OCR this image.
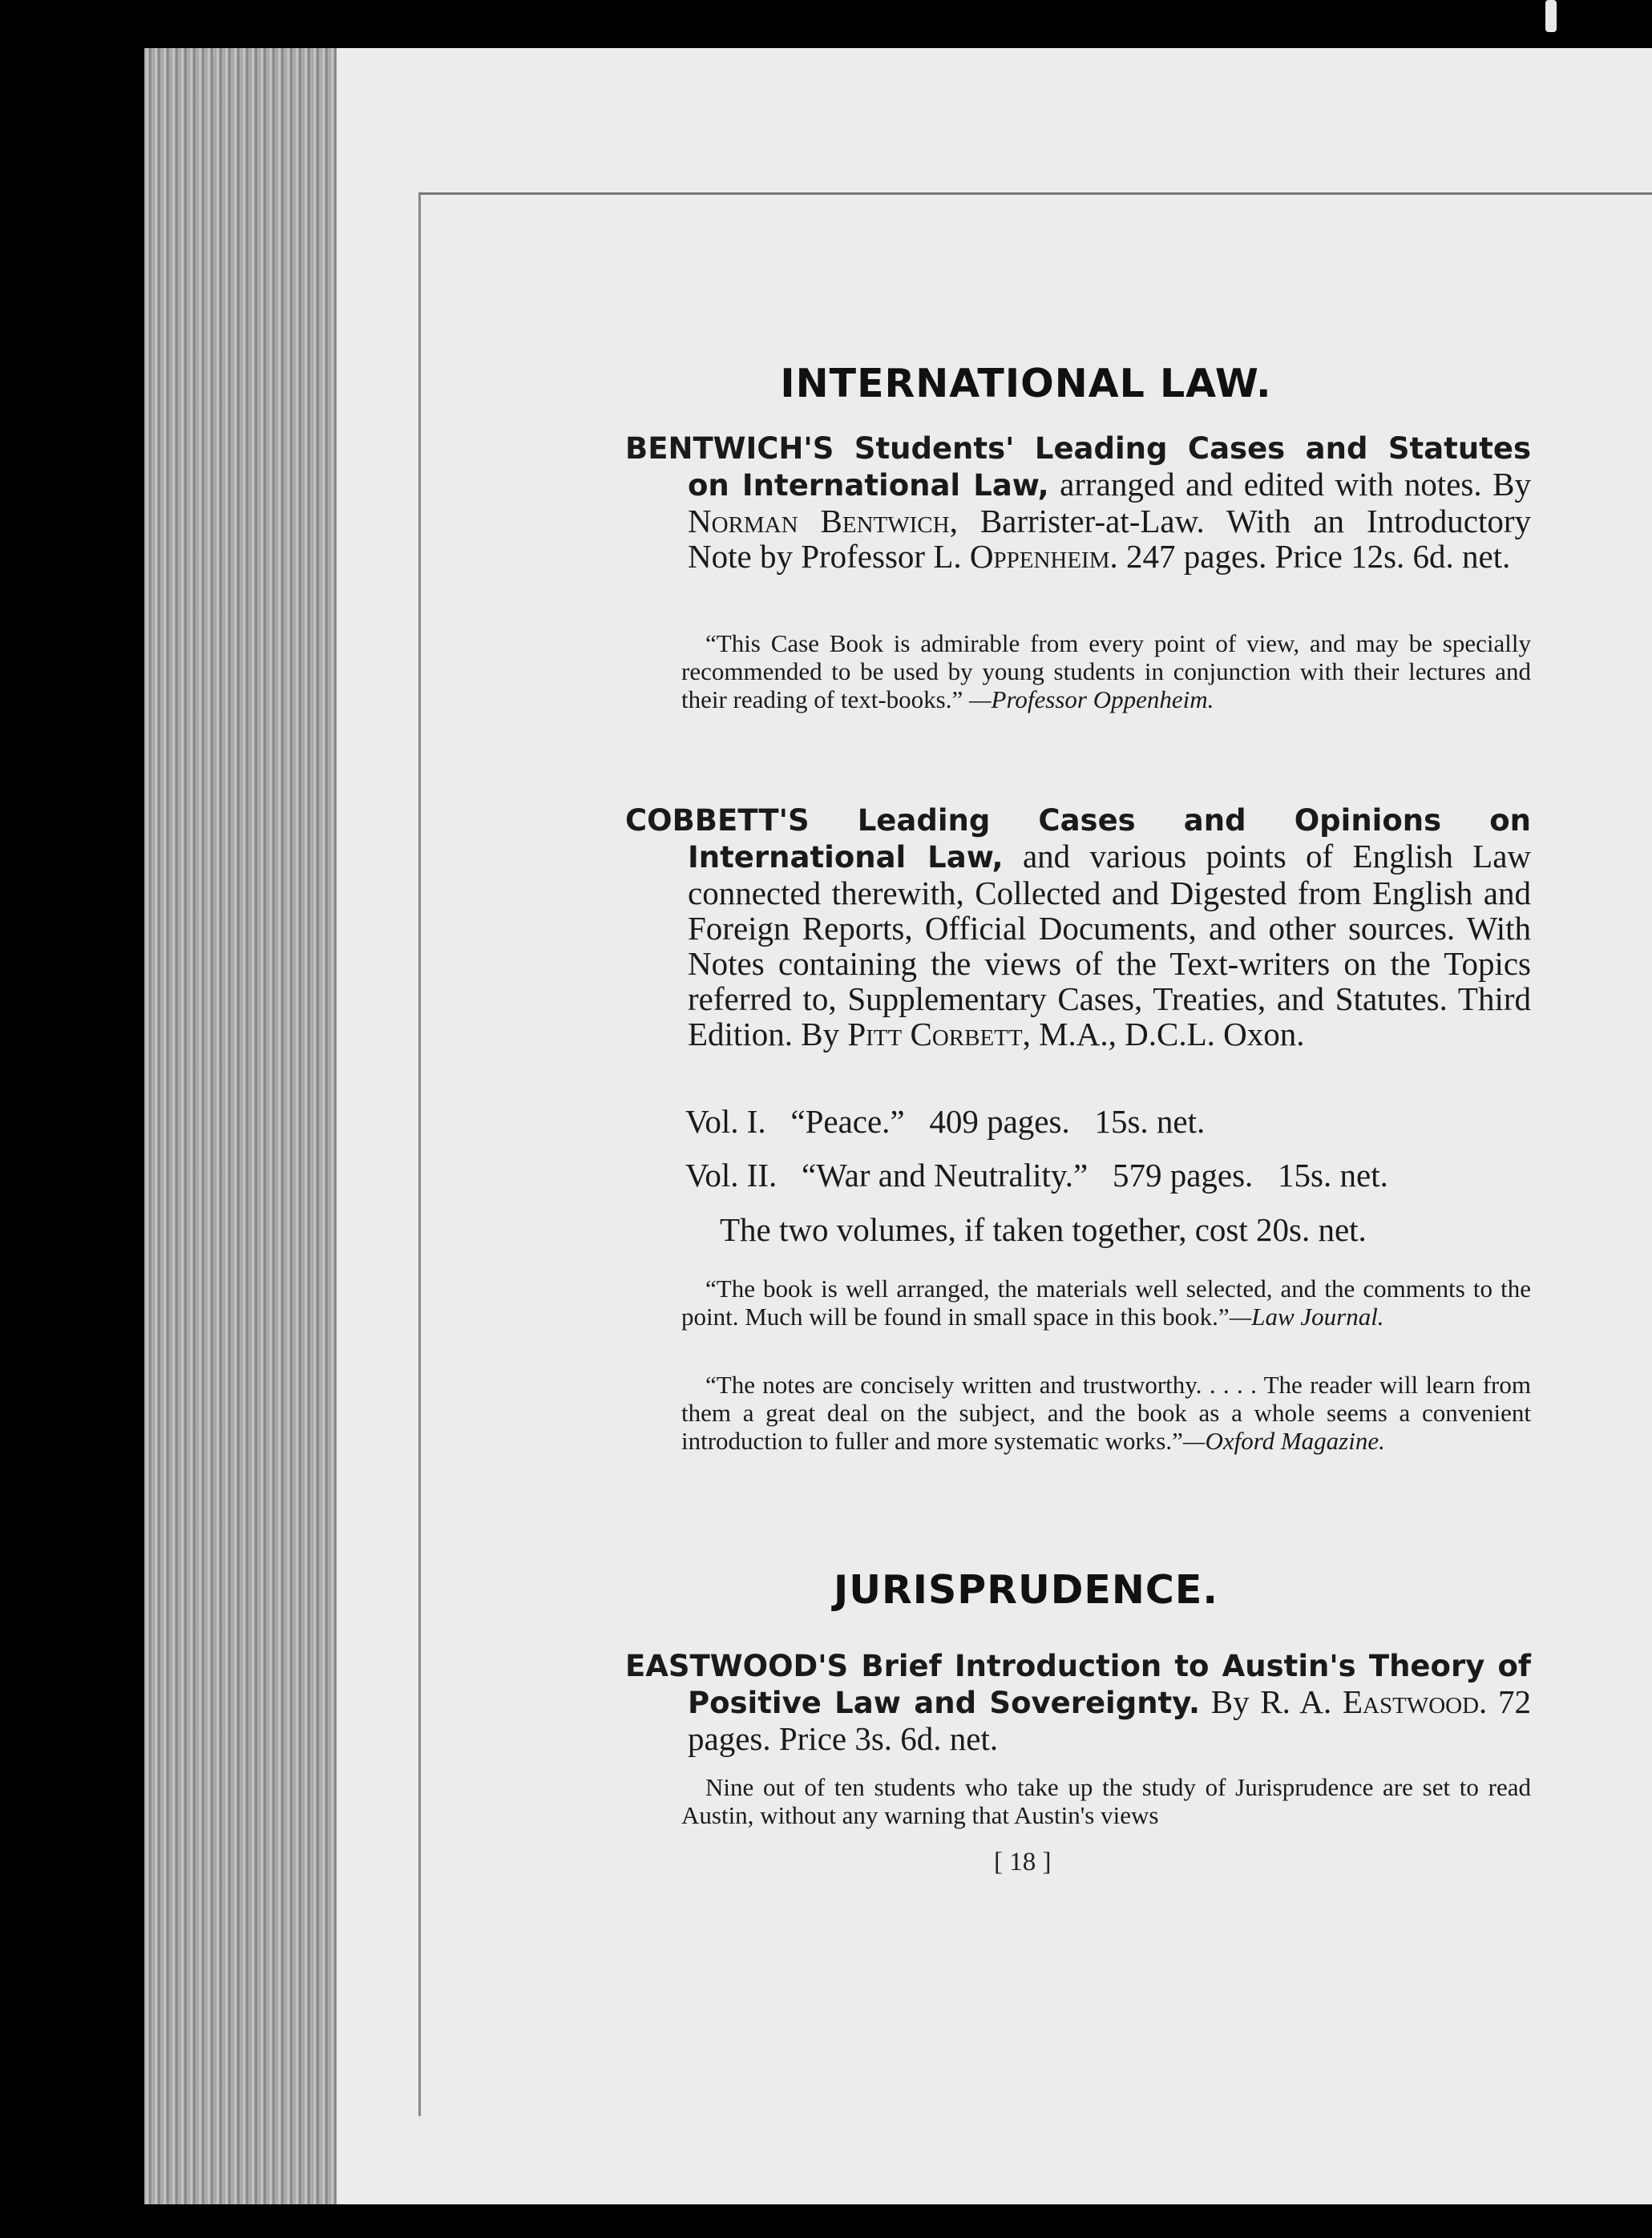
INTERNATIONAL LAW.

BENTWICH'S Students' Leading Cases and Statutes on International Law, arranged and edited with notes. By Norman Bentwich, Barrister-at-Law. With an Introductory Note by Professor L. Oppenheim. 247 pages. Price 12s. 6d. net.

“This Case Book is admirable from every point of view, and may be specially recommended to be used by young students in conjunction with their lectures and their reading of text-books.” —Professor Oppenheim.

COBBETT'S Leading Cases and Opinions on International Law, and various points of English Law connected therewith, Collected and Digested from English and Foreign Reports, Official Documents, and other sources. With Notes containing the views of the Text-writers on the Topics referred to, Supplementary Cases, Treaties, and Statutes. Third Edition. By Pitt Corbett, M.A., D.C.L. Oxon.

Vol. I.   “Peace.”   409 pages.   15s. net.

Vol. II.   “War and Neutrality.”   579 pages.   15s. net.

The two volumes, if taken together, cost 20s. net.

“The book is well arranged, the materials well selected, and the comments to the point. Much will be found in small space in this book.”—Law Journal.

“The notes are concisely written and trustworthy. . . . . The reader will learn from them a great deal on the subject, and the book as a whole seems a convenient introduction to fuller and more systematic works.”—Oxford Magazine.

JURISPRUDENCE.

EASTWOOD'S Brief Introduction to Austin's Theory of Positive Law and Sovereignty. By R. A. Eastwood. 72 pages. Price 3s. 6d. net.

Nine out of ten students who take up the study of Jurisprudence are set to read Austin, without any warning that Austin's views

[ 18 ]
